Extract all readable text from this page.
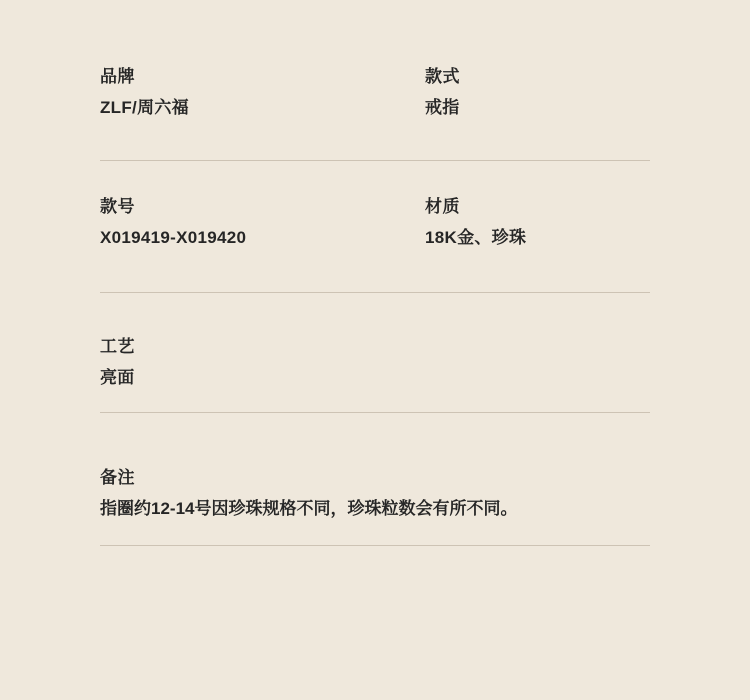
品牌
ZLF/周六福
款式
戒指
款号
X019419-X019420
材质
18K金、珍珠
工艺
亮面
备注
指圈约12-14号因珍珠规格不同，珍珠粒数会有所不同。
